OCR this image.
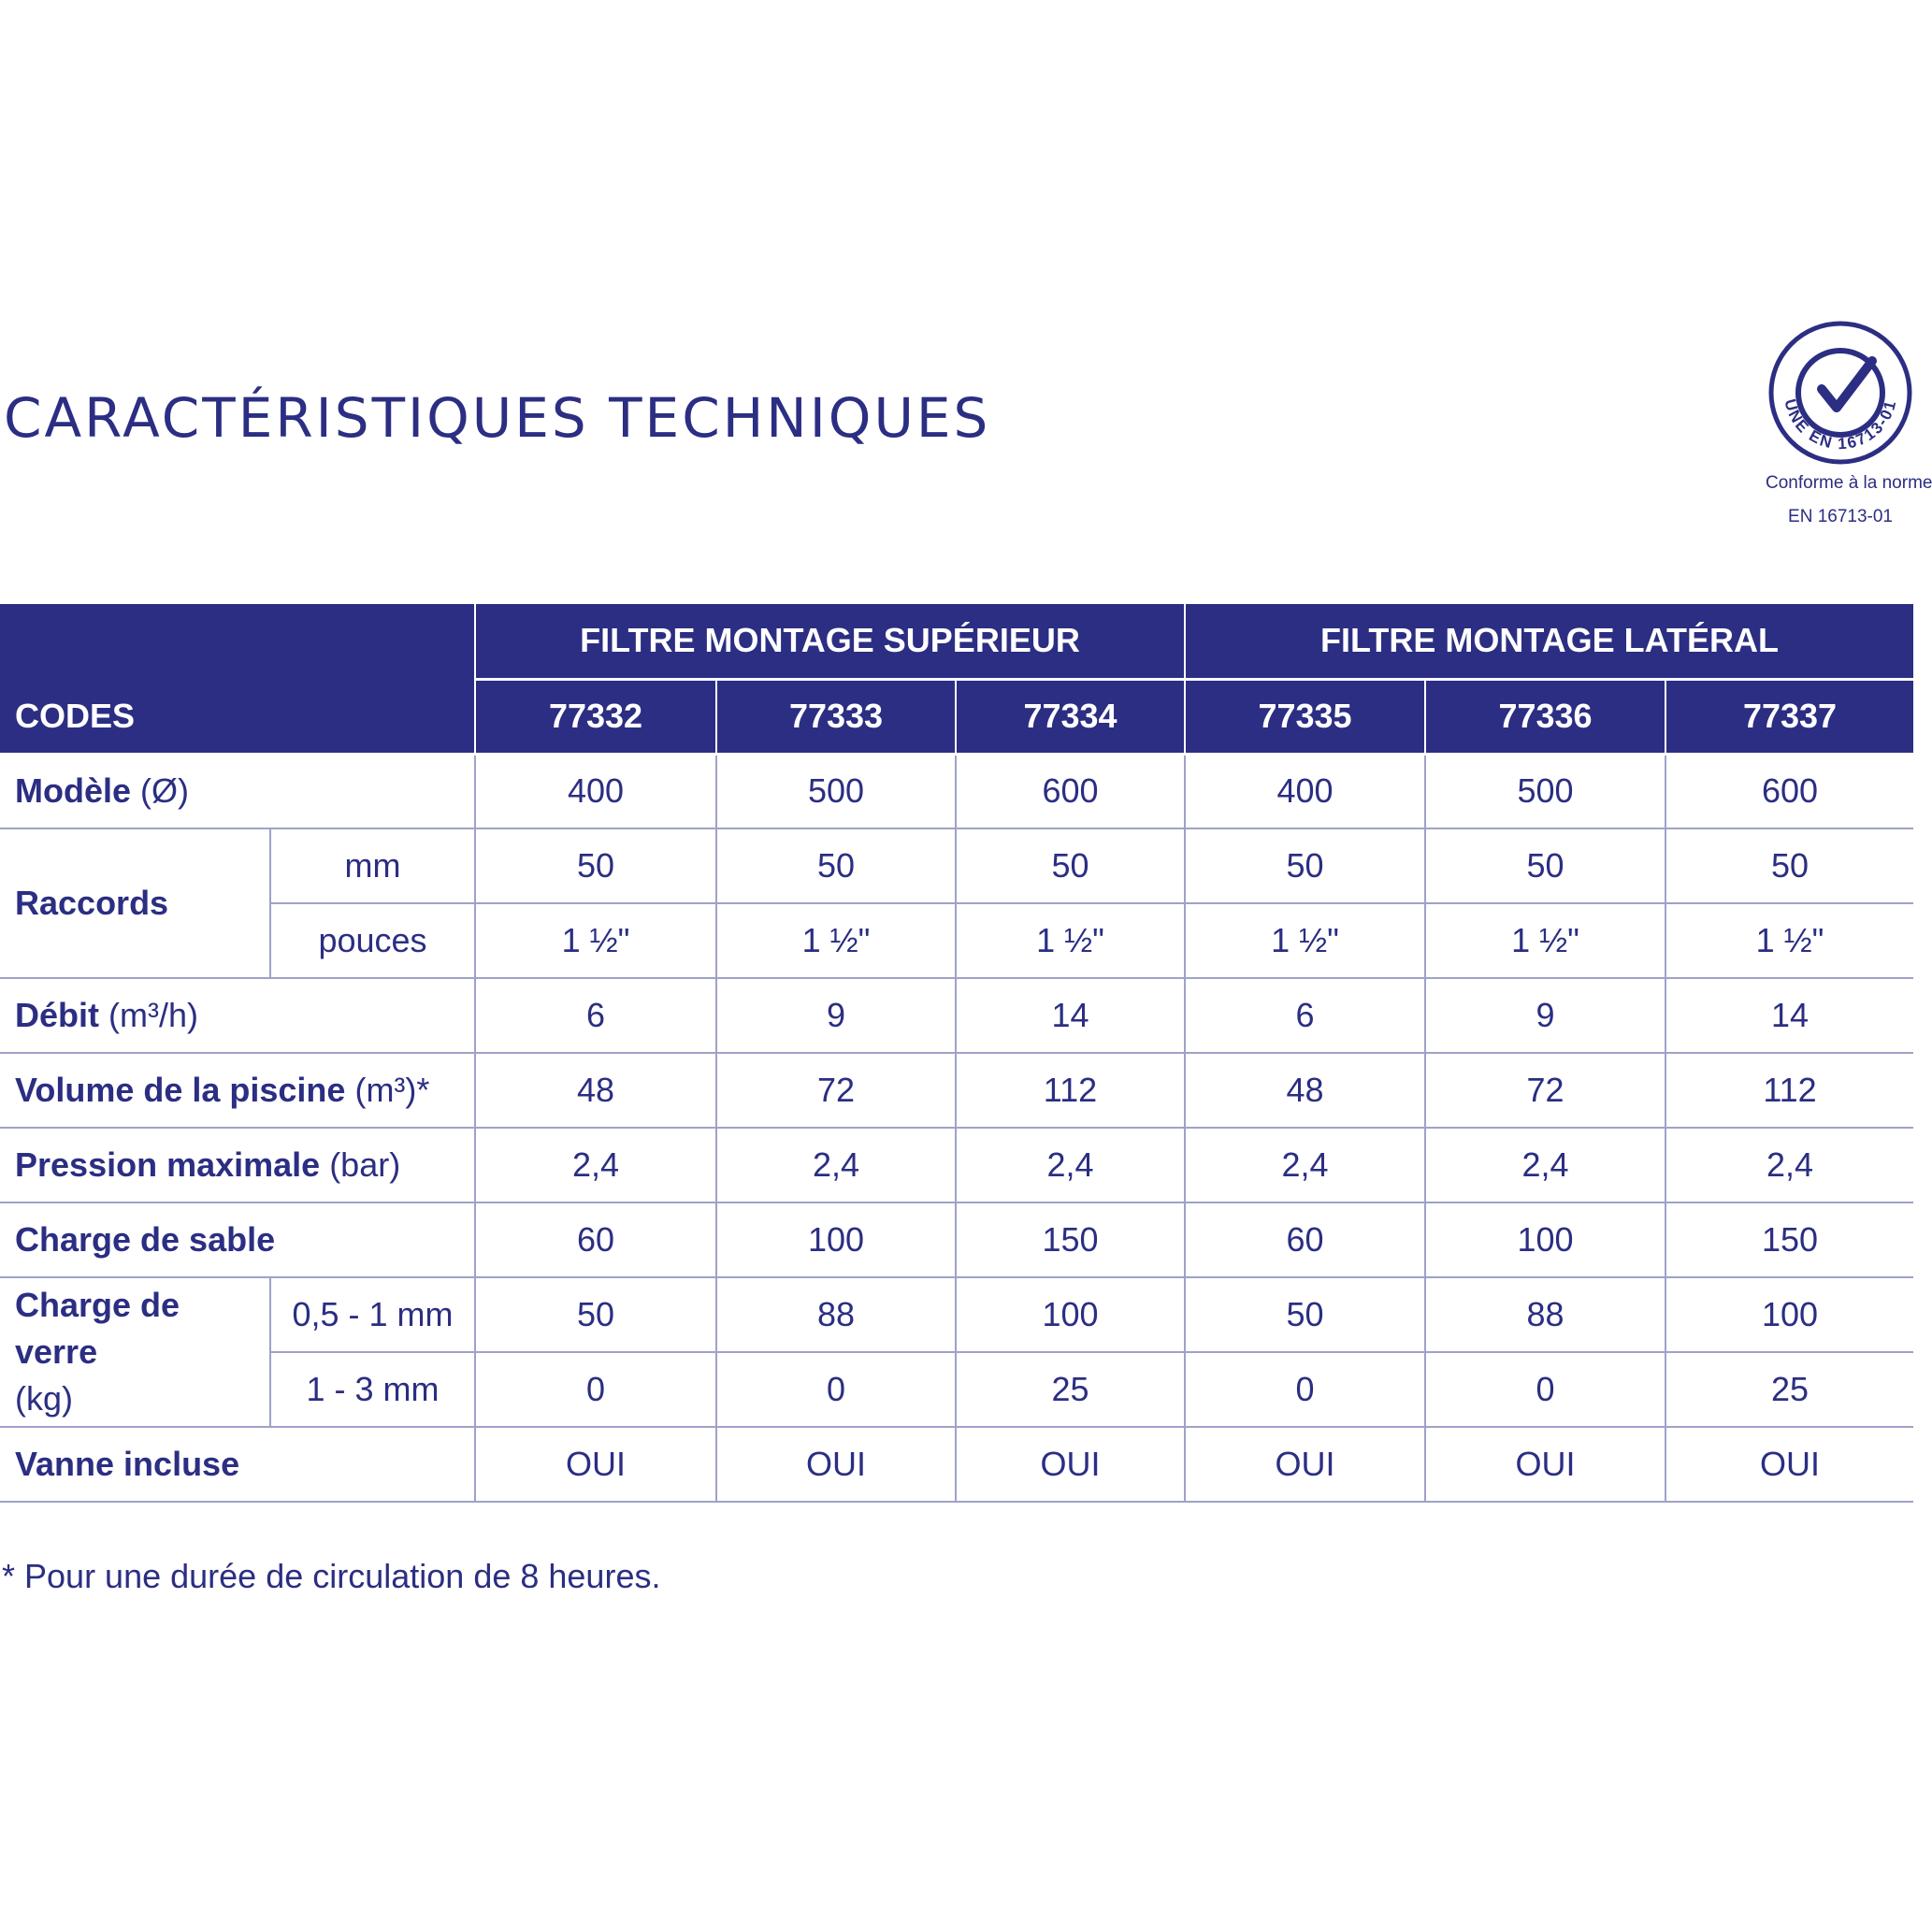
CARACTÉRISTIQUES TECHNIQUES	UNE EN 16713-01
Conforme à la norme
EN 16713-01
CODES		FILTRE MONTAGE SUPÉRIEUR			FILTRE MONTAGE LATÉRAL		
		77332	77333	77334	77335	77336	77337
Modèle (Ø)		400	500	600	400	500	600
Raccords	mm	50	50	50	50	50	50
	pouces	1 ½"	1 ½"	1 ½"	1 ½"	1 ½"	1 ½"
Débit (m³/h)		6	9	14	6	9	14
Volume de la piscine (m³)*		48	72	112	48	72	112
Pression maximale (bar)		2,4	2,4	2,4	2,4	2,4	2,4
Charge de sable		60	100	150	60	100	150
Charge de verre
(kg)	0,5 - 1 mm	50	88	100	50	88	100
	1 - 3 mm	0	0	25	0	0	25
Vanne incluse		OUI	OUI	OUI	OUI	OUI	OUI
* Pour une durée de circulation de 8 heures.
